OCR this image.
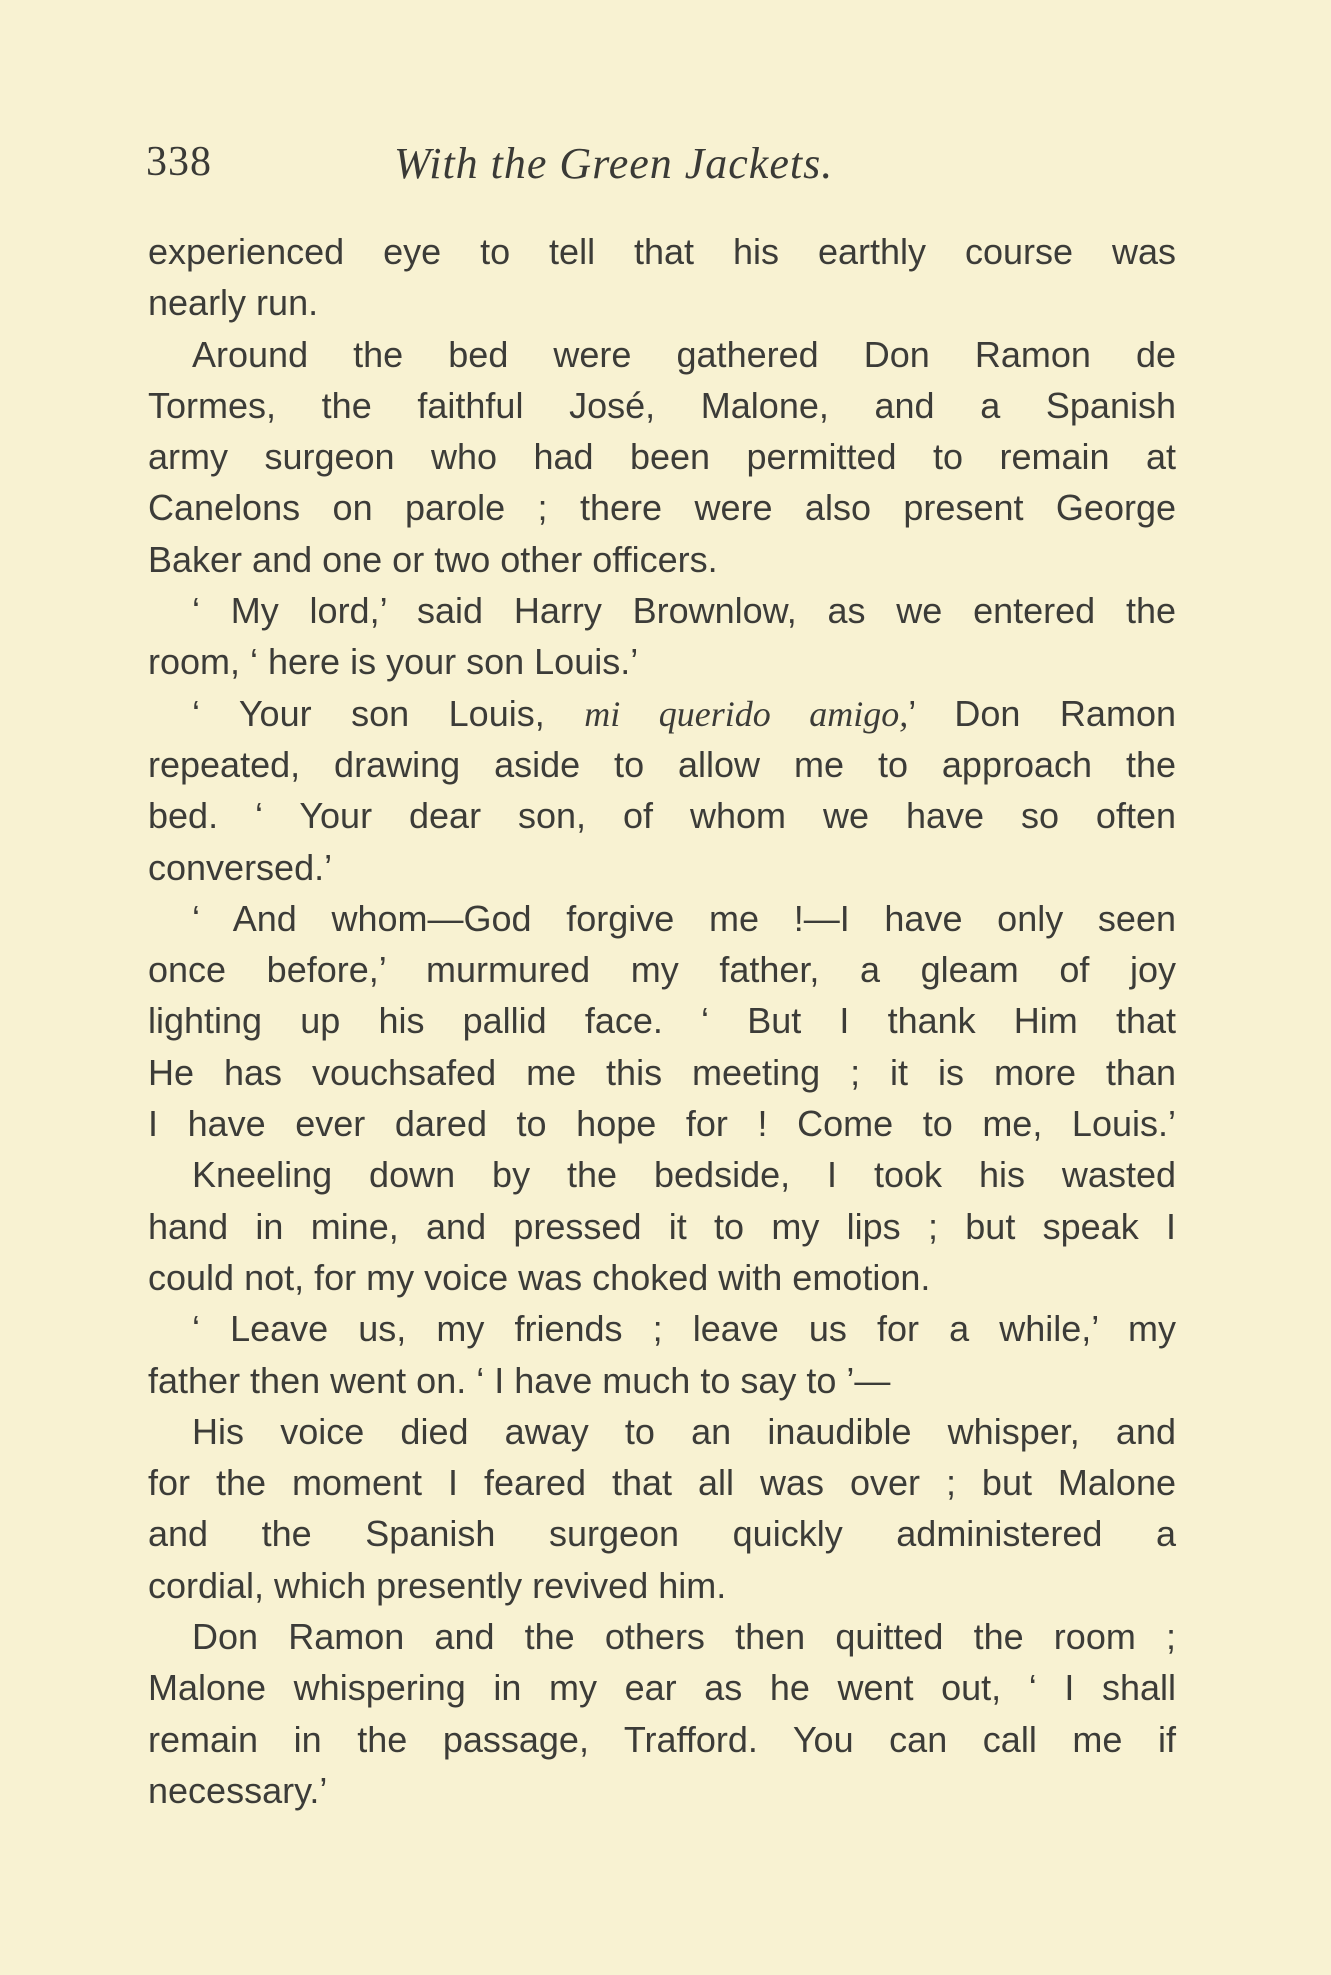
338	With the Green Jackets.
experienced eye to tell that his earthly course was
nearly run.
Around the bed were gathered Don Ramon de
Tormes, the faithful José, Malone, and a Spanish
army surgeon who had been permitted to remain at
Canelons on parole ; there were also present George
Baker and one or two other officers.
‘ My lord,’ said Harry Brownlow, as we entered the
room, ‘ here is your son Louis.’
‘ Your son Louis, mi querido amigo,’ Don Ramon
repeated, drawing aside to allow me to approach the
bed. ‘ Your dear son, of whom we have so often
conversed.’
‘ And whom—God forgive me !—I have only seen
once before,’ murmured my father, a gleam of joy
lighting up his pallid face. ‘ But I thank Him that
He has vouchsafed me this meeting ; it is more than
I have ever dared to hope for ! Come to me, Louis.’
Kneeling down by the bedside, I took his wasted
hand in mine, and pressed it to my lips ; but speak I
could not, for my voice was choked with emotion.
‘ Leave us, my friends ; leave us for a while,’ my
father then went on. ‘ I have much to say to ’—
His voice died away to an inaudible whisper, and
for the moment I feared that all was over ; but Malone
and the Spanish surgeon quickly administered a
cordial, which presently revived him.
Don Ramon and the others then quitted the room ;
Malone whispering in my ear as he went out, ‘ I shall
remain in the passage, Trafford. You can call me if
necessary.’
